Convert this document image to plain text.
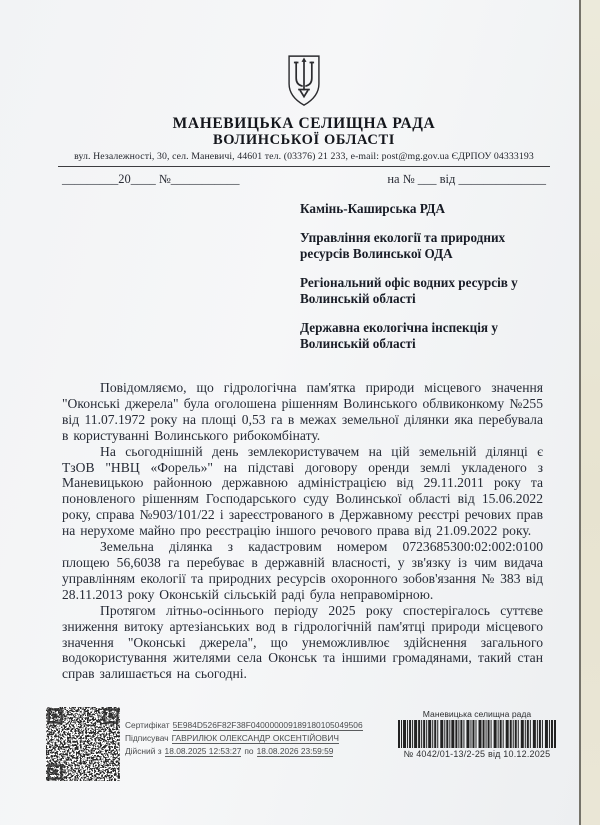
МАНЕВИЦЬКА СЕЛИЩНА РАДА
ВОЛИНСЬКОЇ ОБЛАСТІ
вул. Незалежності, 30, сел. Маневичі, 44601 тел. (03376) 21 233, e-mail: post@mg.gov.ua ЄДРПОУ 04333193
_________20____ №___________	на № ___ від ______________

Камінь-Каширська РДА

Управління екології та природних ресурсів Волинської ОДА

Регіональний офіс водних ресурсів у Волинській області

Державна екологічна інспекція у Волинській області

Повідомляємо, що гідрологічна пам'ятка природи місцевого значення "Оконські джерела" була оголошена рішенням Волинського облвиконкому №255 від 11.07.1972 року на площі 0,53 га в межах земельної ділянки яка перебувала в користуванні Волинського рибокомбінату.

На сьогоднішній день землекористувачем на цій земельній ділянці є ТзОВ "НВЦ «Форель»" на підставі договору оренди землі укладеного з Маневицькою районною державною адміністрацією від 29.11.2011 року та поновленого рішенням Господарського суду Волинської області від 15.06.2022 року, справа №903/101/22 і зареєстрованого в Державному реєстрі речових прав на нерухоме майно про реєстрацію іншого речового права від 21.09.2022 року.

Земельна ділянка з кадастровим номером 0723685300:02:002:0100 площею 56,6038 га перебуває в державній власності, у зв'язку із чим видача управлінням екології та природних ресурсів охоронного зобов'язання № 383 від 28.11.2013 року Оконській сільській раді була неправомірною.

Протягом літньо-осіннього періоду 2025 року спостерігалось суттєве зниження витоку артезіанських вод в гідрологічній пам'ятці природи місцевого значення "Оконські джерела", що унеможливлює здійснення загального водокористування жителями села Оконськ та іншими громадянами, такий стан справ залишається на сьогодні.

Сертифікат 5E984D526F82F38F040000009189180105049506
Підписувач ГАВРИЛЮК ОЛЕКСАНДР ОКСЕНТІЙОВИЧ
Дійсний з 18.08.2025 12:53:27 по 18.08.2026 23:59:59
Маневицька селищна рада
№ 4042/01-13/2-25 від 10.12.2025
